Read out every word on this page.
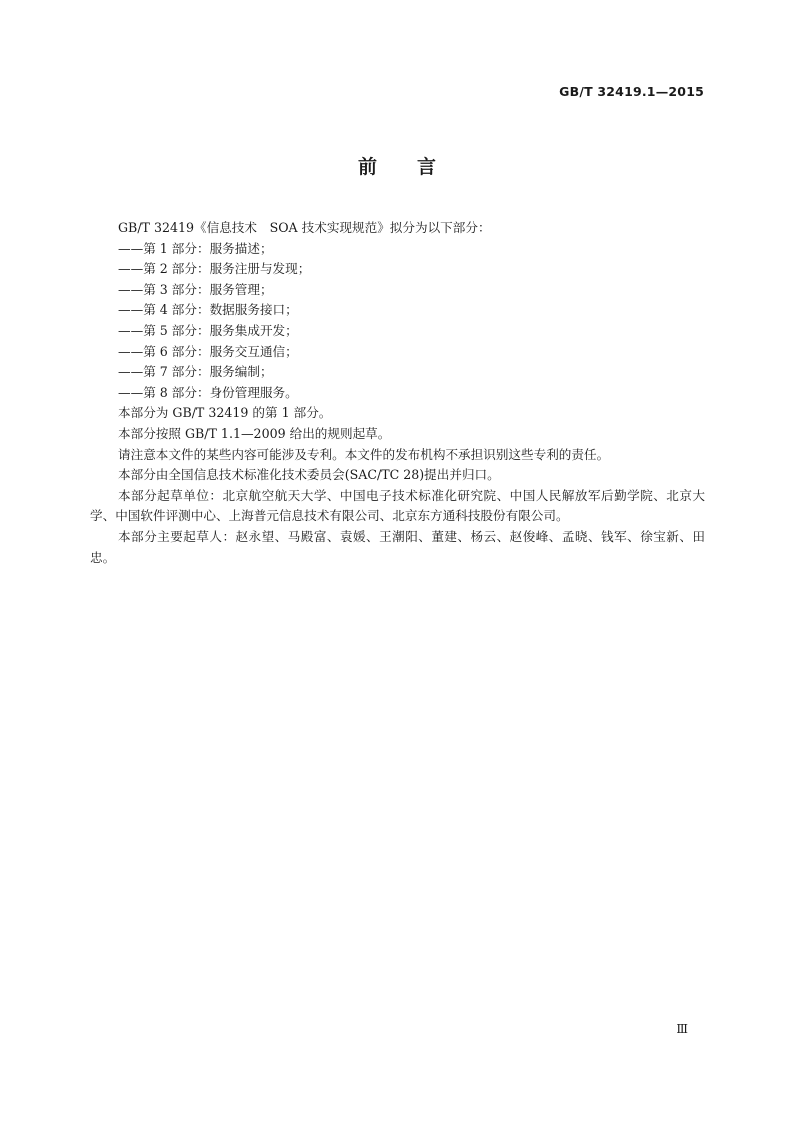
GB/T 32419.1—2015
前言

GB/T 32419《信息技术　SOA 技术实现规范》拟分为以下部分：

——第 1 部分：服务描述；

——第 2 部分：服务注册与发现；

——第 3 部分：服务管理；

——第 4 部分：数据服务接口；

——第 5 部分：服务集成开发；

——第 6 部分：服务交互通信；

——第 7 部分：服务编制；

——第 8 部分：身份管理服务。

本部分为 GB/T 32419 的第 1 部分。

本部分按照 GB/T 1.1—2009 给出的规则起草。

请注意本文件的某些内容可能涉及专利。本文件的发布机构不承担识别这些专利的责任。

本部分由全国信息技术标准化技术委员会(SAC/TC 28)提出并归口。

本部分起草单位：北京航空航天大学、中国电子技术标准化研究院、中国人民解放军后勤学院、北京大学、中国软件评测中心、上海普元信息技术有限公司、北京东方通科技股份有限公司。

本部分主要起草人：赵永望、马殿富、袁媛、王潮阳、董建、杨云、赵俊峰、孟晓、钱军、徐宝新、田忠。

Ⅲ
